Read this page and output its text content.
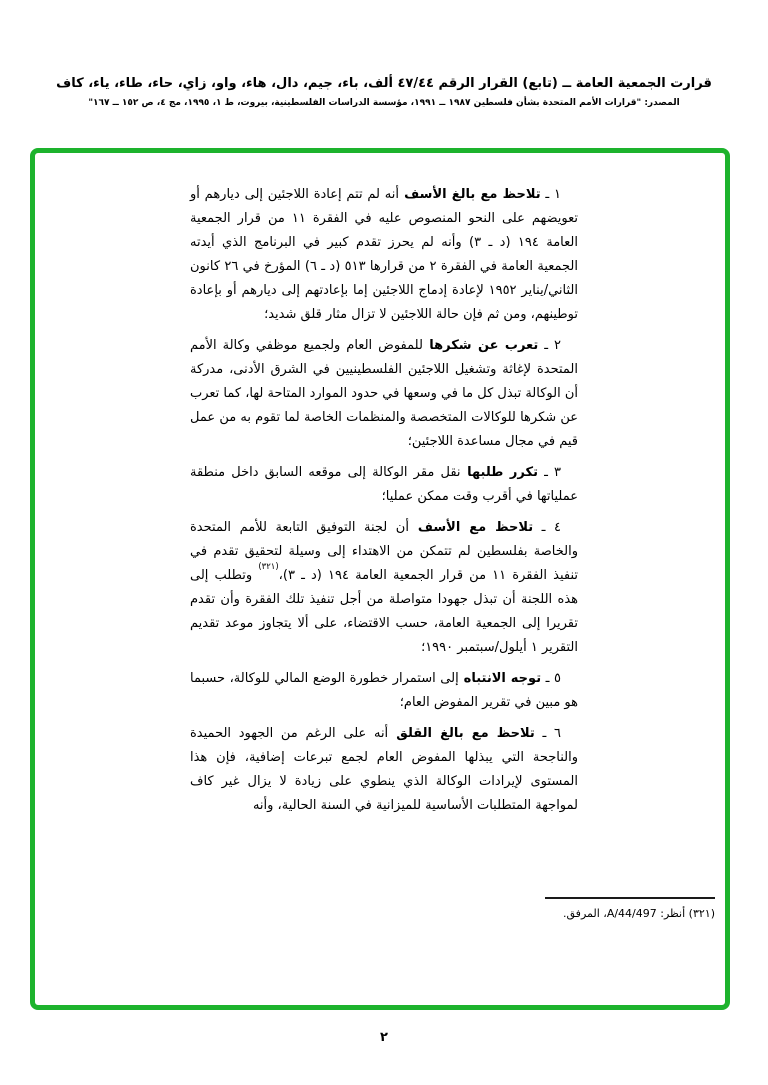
قرارت الجمعية العامة ــ (تابع) القرار الرقم ٤٧/٤٤ ألف، باء، جيم، دال، هاء، واو، زاي، حاء، طاء، ياء، كاف
المصدر: "قرارات الأمم المتحدة بشأن فلسطين ١٩٨٧ ــ ١٩٩١، مؤسسة الدراسات الفلسطينية، بيروت، ط ١، ١٩٩٥، مج ٤، ص ١٥٢ ــ ١٦٧"

١ ـ تلاحظ مع بالغ الأسف أنه لم تتم إعادة اللاجئين إلى ديارهم أو تعويضهم على النحو المنصوص عليه في الفقرة ١١ من قرار الجمعية العامة ١٩٤ (د ـ ٣) وأنه لم يحرز تقدم كبير في البرنامج الذي أيدته الجمعية العامة في الفقرة ٢ من قرارها ٥١٣ (د ـ ٦) المؤرخ في ٢٦ كانون الثاني/يناير ١٩٥٢ لإعادة إدماج اللاجئين إما بإعادتهم إلى ديارهم أو بإعادة توطينهم، ومن ثم فإن حالة اللاجئين لا تزال مثار قلق شديد؛

٢ ـ تعرب عن شكرها للمفوض العام ولجميع موظفي وكالة الأمم المتحدة لإغاثة وتشغيل اللاجئين الفلسطينيين في الشرق الأدنى، مدركة أن الوكالة تبذل كل ما في وسعها في حدود الموارد المتاحة لها، كما تعرب عن شكرها للوكالات المتخصصة والمنظمات الخاصة لما تقوم به من عمل قيم في مجال مساعدة اللاجئين؛

٣ ـ تكرر طلبها نقل مقر الوكالة إلى موقعه السابق داخل منطقة عملياتها في أقرب وقت ممكن عمليا؛

٤ ـ تلاحظ مع الأسف أن لجنة التوفيق التابعة للأمم المتحدة والخاصة بفلسطين لم تتمكن من الاهتداء إلى وسيلة لتحقيق تقدم في تنفيذ الفقرة ١١ من قرار الجمعية العامة ١٩٤ (د ـ ٣)،$^{(٣٢١)}$ وتطلب إلى هذه اللجنة أن تبذل جهودا متواصلة من أجل تنفيذ تلك الفقرة وأن تقدم تقريرا إلى الجمعية العامة، حسب الاقتضاء، على ألا يتجاوز موعد تقديم التقرير ١ أيلول/سبتمبر ١٩٩٠؛

٥ ـ توجه الانتباه إلى استمرار خطورة الوضع المالي للوكالة، حسبما هو مبين في تقرير المفوض العام؛

٦ ـ تلاحظ مع بالغ القلق أنه على الرغم من الجهود الحميدة والناجحة التي يبذلها المفوض العام لجمع تبرعات إضافية، فإن هذا المستوى لإيرادات الوكالة الذي ينطوي على زيادة لا يزال غير كاف لمواجهة المتطلبات الأساسية للميزانية في السنة الحالية، وأنه

(٣٢١) أنظر: A/44/497، المرفق.
٢
